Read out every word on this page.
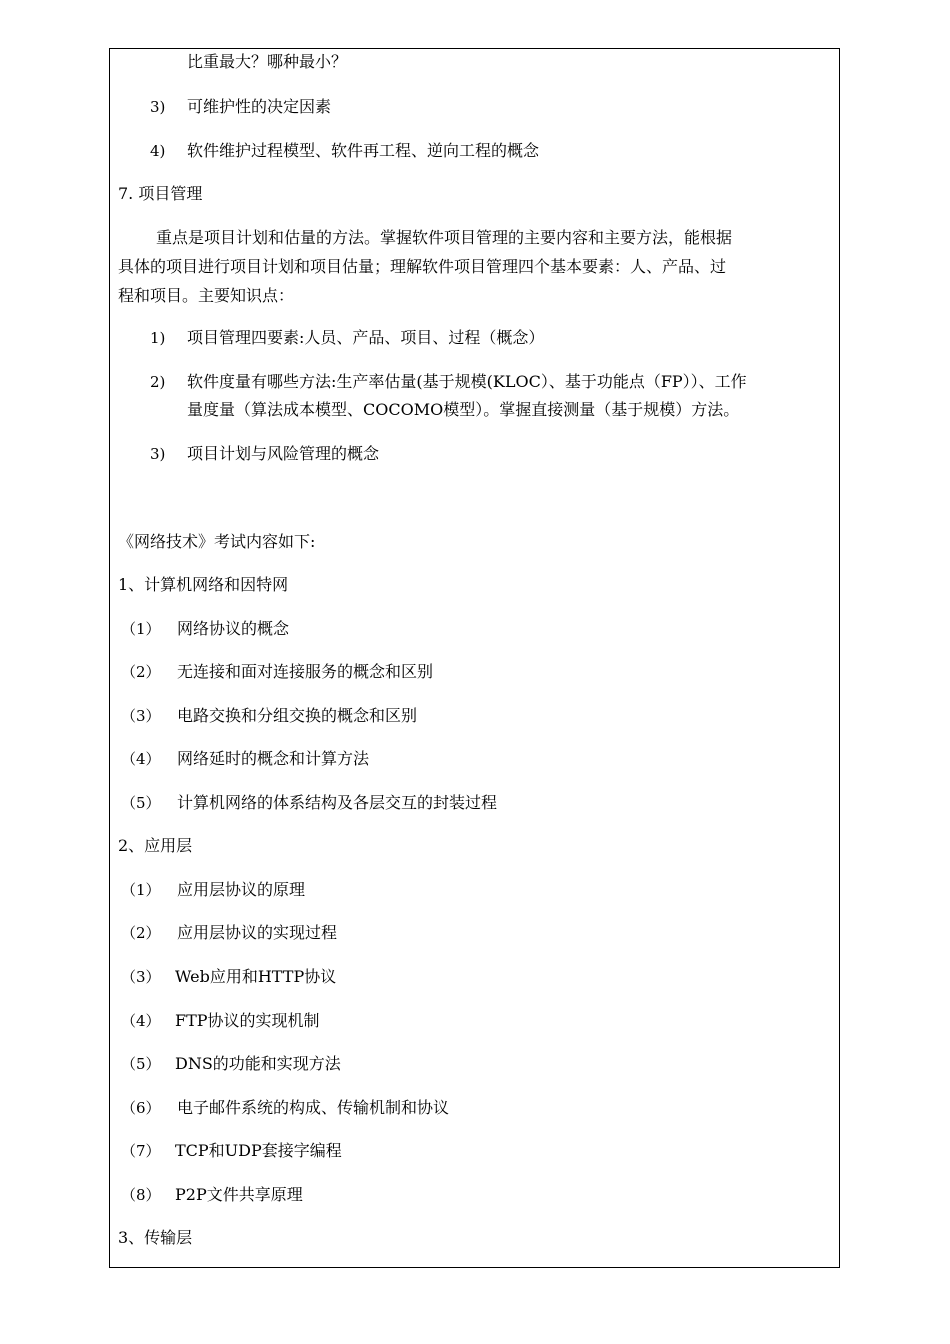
比重最大？哪种最小？
3) 可维护性的决定因素
4) 软件维护过程模型、软件再工程、逆向工程的概念
7. 项目管理
重点是项目计划和估量的方法。掌握软件项目管理的主要内容和主要方法，能根据
具体的项目进行项目计划和项目估量；理解软件项目管理四个基本要素：人、产品、过
程和项目。主要知识点：
1) 项目管理四要素:人员、产品、项目、过程（概念）
2) 软件度量有哪些方法:生产率估量(基于规模(KLOC）、基于功能点（FP））、工作
量度量（算法成本模型、COCOMO模型）。掌握直接测量（基于规模）方法。
3) 项目计划与风险管理的概念
《网络技术》考试内容如下:
1、计算机网络和因特网
（1） 网络协议的概念
（2） 无连接和面对连接服务的概念和区别
（3） 电路交换和分组交换的概念和区别
（4） 网络延时的概念和计算方法
（5） 计算机网络的体系结构及各层交互的封装过程
2、应用层
（1） 应用层协议的原理
（2） 应用层协议的实现过程
（3） Web应用和HTTP协议
（4） FTP协议的实现机制
（5） DNS的功能和实现方法
（6） 电子邮件系统的构成、传输机制和协议
（7） TCP和UDP套接字编程
（8） P2P文件共享原理
3、传输层
